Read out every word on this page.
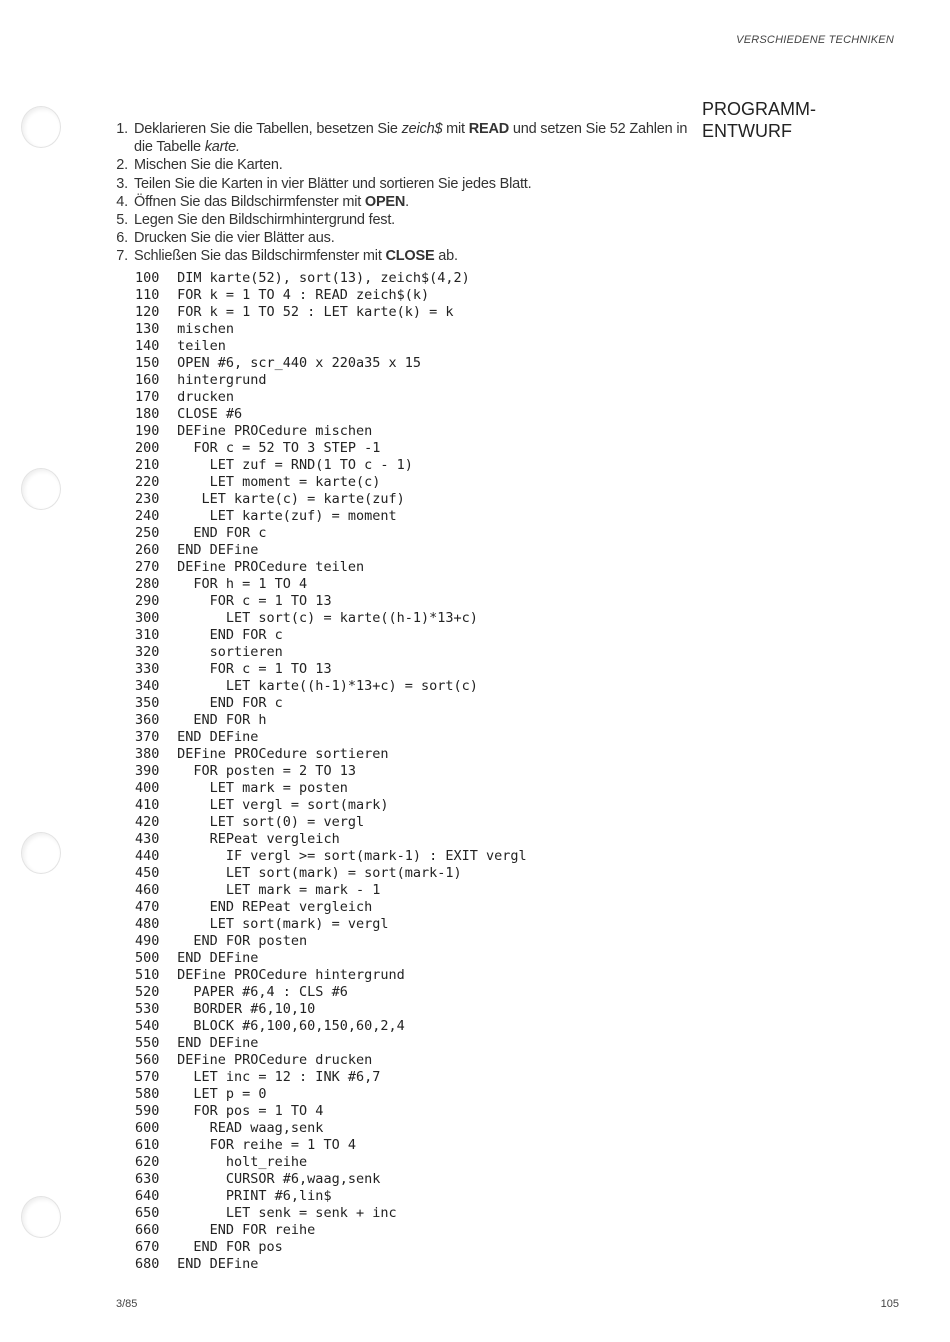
VERSCHIEDENE TECHNIKEN
PROGRAMM-
ENTWURF
1. Deklarieren Sie die Tabellen, besetzen Sie zeich$ mit READ und setzen Sie 52 Zahlen in die Tabelle karte.
2. Mischen Sie die Karten.
3. Teilen Sie die Karten in vier Blätter und sortieren Sie jedes Blatt.
4. Öffnen Sie das Bildschirmfenster mit OPEN.
5. Legen Sie den Bildschirmhintergrund fest.
6. Drucken Sie die vier Blätter aus.
7. Schließen Sie das Bildschirmfenster mit CLOSE ab.
100 DIM karte(52), sort(13), zeich$(4,2)
110 FOR k = 1 TO 4 : READ zeich$(k)
120 FOR k = 1 TO 52 : LET karte(k) = k
130 mischen
140 teilen
150 OPEN #6, scr_440 x 220a35 x 15
160 hintergrund
170 drucken
180 CLOSE #6
190 DEFine PROCedure mischen
200   FOR c = 52 TO 3 STEP -1
210     LET zuf = RND(1 TO c - 1)
220     LET moment = karte(c)
230    LET karte(c) = karte(zuf)
240     LET karte(zuf) = moment
250   END FOR c
260 END DEFine
270 DEFine PROCedure teilen
280   FOR h = 1 TO 4
290     FOR c = 1 TO 13
300       LET sort(c) = karte((h-1)*13+c)
310     END FOR c
320     sortieren
330     FOR c = 1 TO 13
340       LET karte((h-1)*13+c) = sort(c)
350     END FOR c
360   END FOR h
370 END DEFine
380 DEFine PROCedure sortieren
390   FOR posten = 2 TO 13
400     LET mark = posten
410     LET vergl = sort(mark)
420     LET sort(0) = vergl
430     REPeat vergleich
440       IF vergl >= sort(mark-1) : EXIT vergl
450       LET sort(mark) = sort(mark-1)
460       LET mark = mark - 1
470     END REPeat vergleich
480     LET sort(mark) = vergl
490   END FOR posten
500 END DEFine
510 DEFine PROCedure hintergrund
520   PAPER #6,4 : CLS #6
530   BORDER #6,10,10
540   BLOCK #6,100,60,150,60,2,4
550 END DEFine
560 DEFine PROCedure drucken
570   LET inc = 12 : INK #6,7
580   LET p = 0
590   FOR pos = 1 TO 4
600     READ waag,senk
610     FOR reihe = 1 TO 4
620       holt_reihe
630       CURSOR #6,waag,senk
640       PRINT #6,lin$
650       LET senk = senk + inc
660     END FOR reihe
670   END FOR pos
680 END DEFine
3/85	105
